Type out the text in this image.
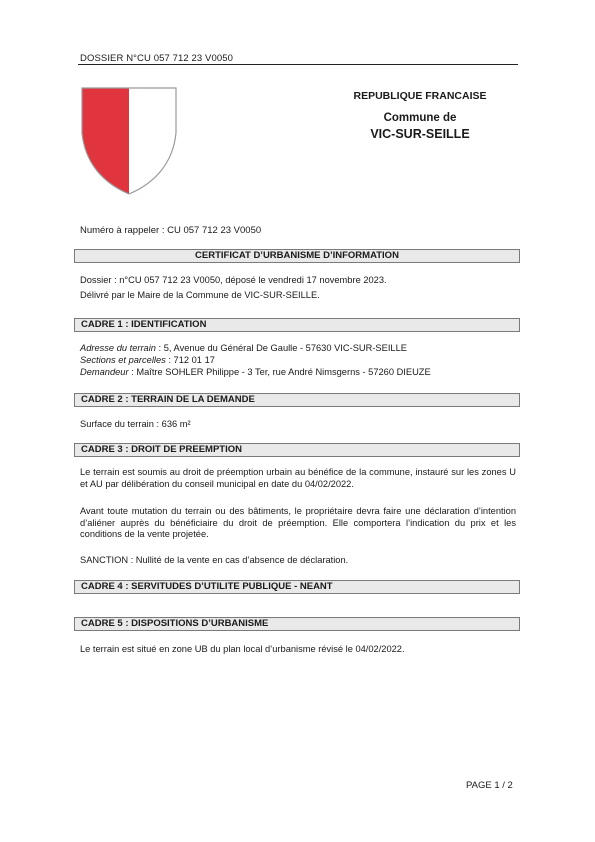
DOSSIER N°CU 057 712 23 V0050
REPUBLIQUE FRANCAISE
Commune de
VIC-SUR-SEILLE
Numéro à rappeler : CU 057 712 23 V0050
CERTIFICAT D’URBANISME D’INFORMATION
Dossier : n°CU 057 712 23 V0050, déposé le vendredi 17 novembre 2023.
Délivré par le Maire de la Commune de VIC-SUR-SEILLE.
CADRE 1 : IDENTIFICATION
Adresse du terrain : 5, Avenue du Général De Gaulle - 57630 VIC-SUR-SEILLE
Sections et parcelles : 712 01 17
Demandeur : Maître SOHLER Philippe - 3 Ter, rue André Nimsgerns - 57260 DIEUZE
CADRE 2 : TERRAIN DE LA DEMANDE
Surface du terrain : 636 m²
CADRE 3 : DROIT DE PREEMPTION
Le terrain est soumis au droit de préemption urbain au bénéfice de la commune, instauré sur les zones U et AU par délibération du conseil municipal en date du 04/02/2022.
Avant toute mutation du terrain ou des bâtiments, le propriétaire devra faire une déclaration d’intention d’aliéner auprès du bénéficiaire du droit de préemption. Elle comportera l’indication du prix et les conditions de la vente projetée.
SANCTION : Nullité de la vente en cas d’absence de déclaration.
CADRE 4 : SERVITUDES D’UTILITE PUBLIQUE - NEANT
CADRE 5 : DISPOSITIONS D’URBANISME
Le terrain est situé en zone UB du plan local d’urbanisme révisé le 04/02/2022.
PAGE 1 / 2
